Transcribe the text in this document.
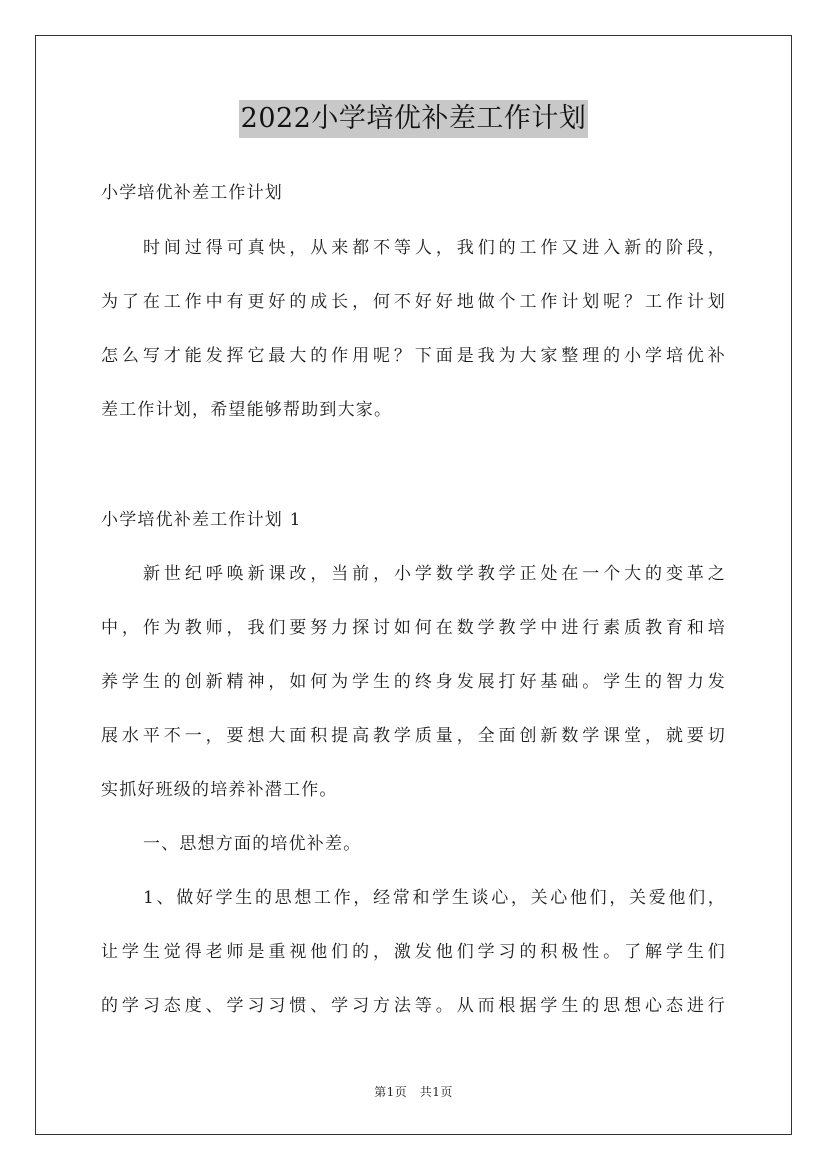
2022小学培优补差工作计划
小学培优补差工作计划
时间过得可真快，从来都不等人，我们的工作又进入新的阶段，
为了在工作中有更好的成长，何不好好地做个工作计划呢？工作计划
怎么写才能发挥它最大的作用呢？下面是我为大家整理的小学培优补
差工作计划，希望能够帮助到大家。
小学培优补差工作计划 1
新世纪呼唤新课改，当前，小学数学教学正处在一个大的变革之
中，作为教师，我们要努力探讨如何在数学教学中进行素质教育和培
养学生的创新精神，如何为学生的终身发展打好基础。学生的智力发
展水平不一，要想大面积提高教学质量，全面创新数学课堂，就要切
实抓好班级的培养补潜工作。
一、思想方面的培优补差。
1、做好学生的思想工作，经常和学生谈心，关心他们，关爱他们，
让学生觉得老师是重视他们的，激发他们学习的积极性。了解学生们
的学习态度、学习习惯、学习方法等。从而根据学生的思想心态进行
第1页　共1页
